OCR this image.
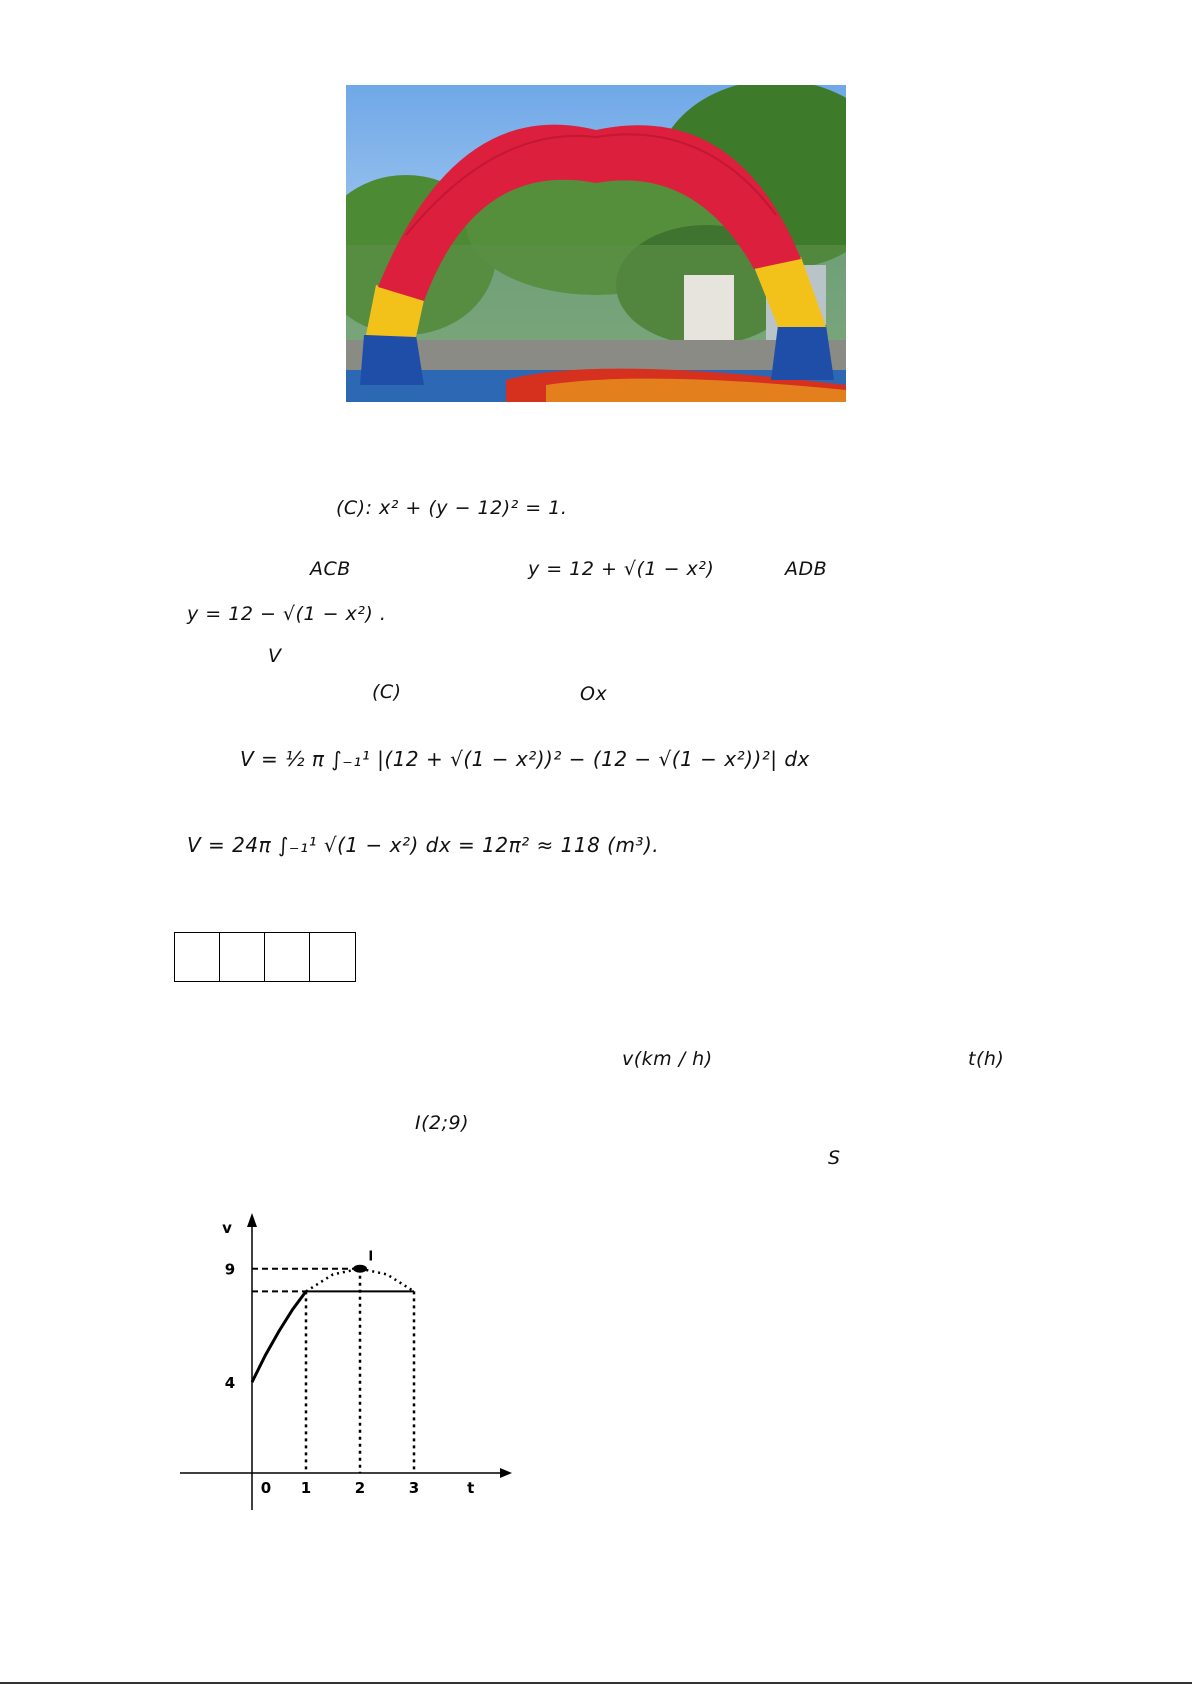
(C): x² + (y − 12)² = 1.
ACB	y = 12 + √(1 − x²)	ADB
y = 12 − √(1 − x²) .
V
(C)	Ox
V = ½ π ∫₋₁¹ |(12 + √(1 − x²))² − (12 − √(1 − x²))²| dx
V = 24π ∫₋₁¹ √(1 − x²) dx = 12π² ≈ 118 (m³).
v(km / h)	t(h)
I(2;9)
S
0 1	2	3
4
9
t
v
I
